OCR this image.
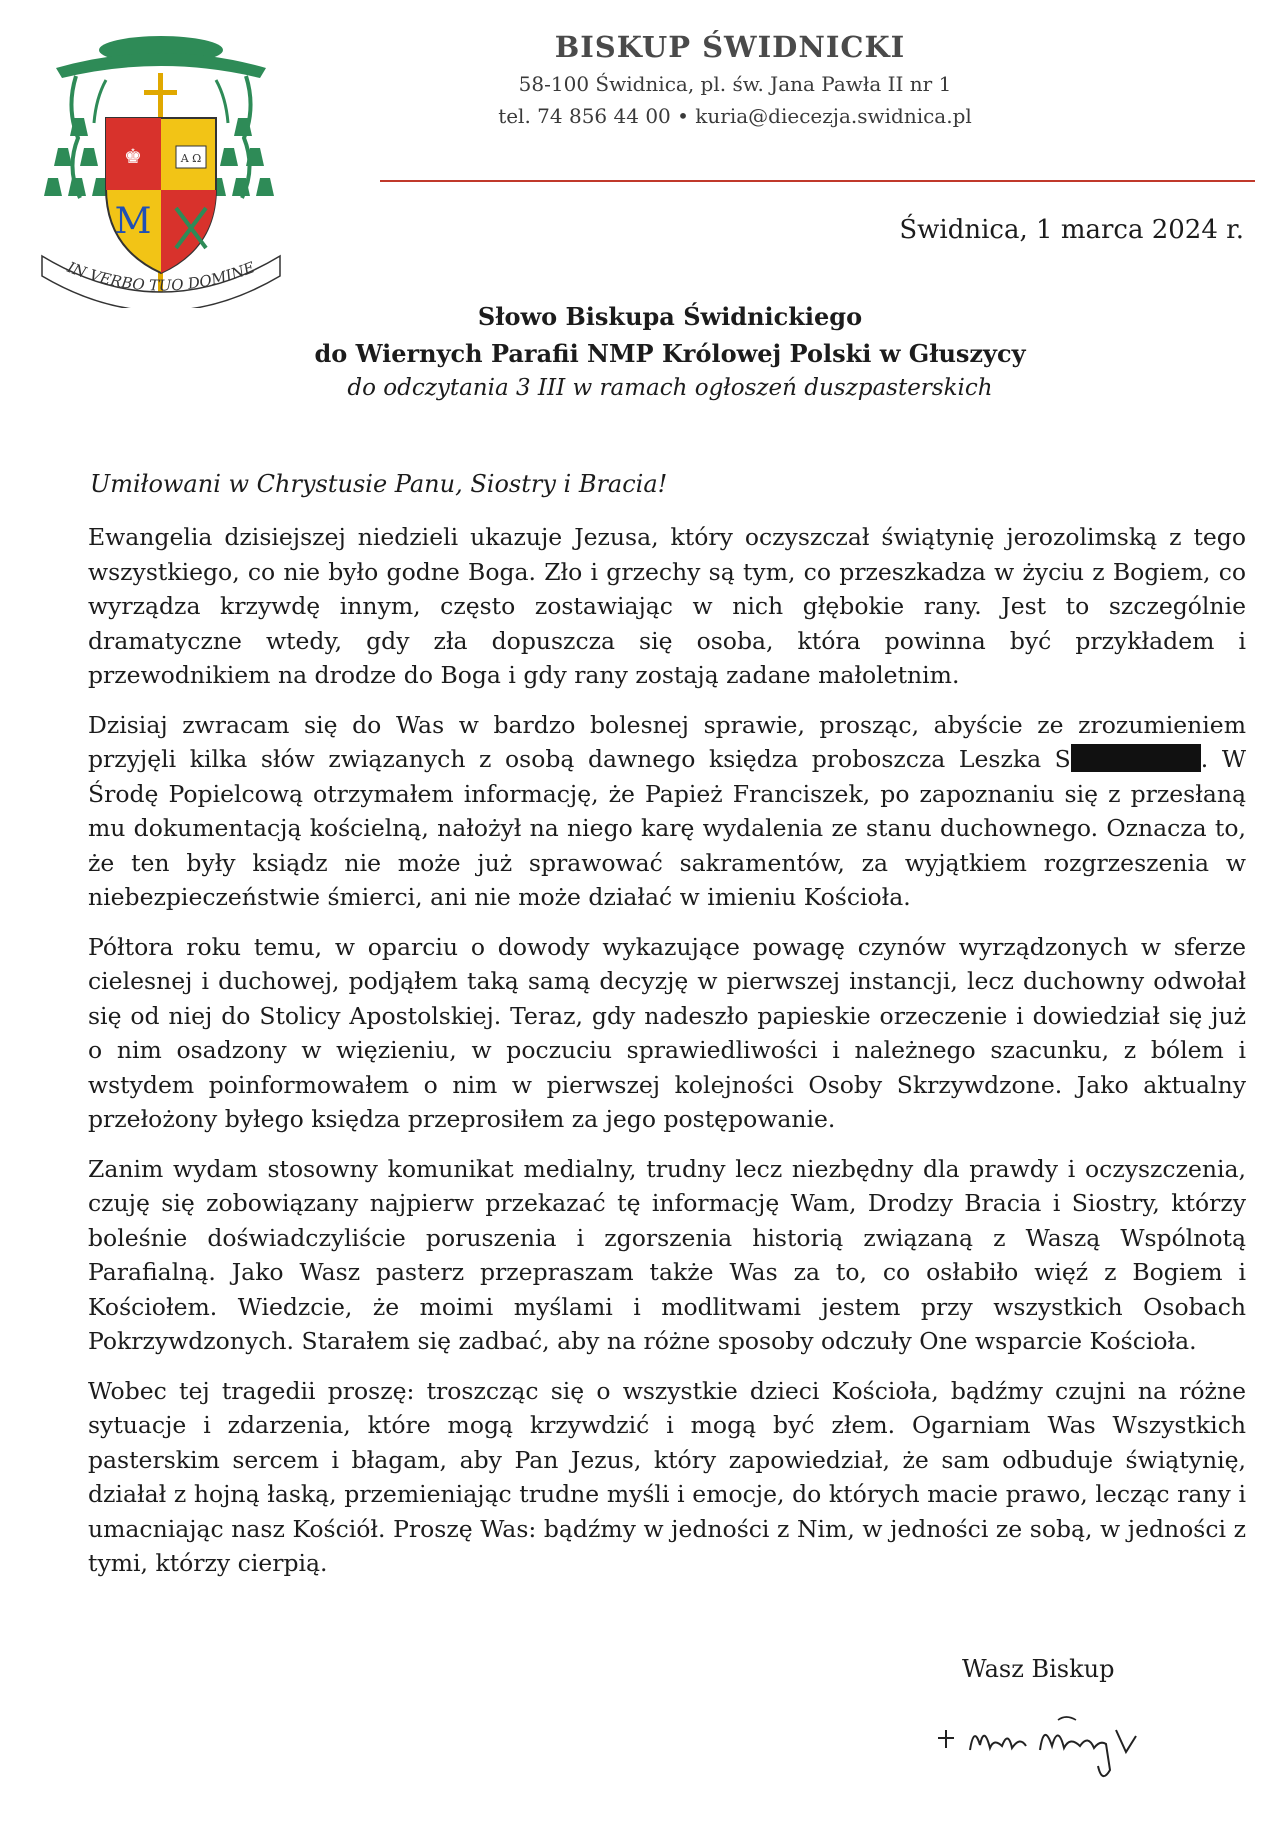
♚	A Ω
M
IN VERBO TUO DOMINE
BISKUP ŚWIDNICKI
58-100 Świdnica, pl. św. Jana Pawła II nr 1
tel. 74 856 44 00 • kuria@diecezja.swidnica.pl
Świdnica, 1 marca 2024 r.
Słowo Biskupa Świdnickiego
do Wiernych Parafii NMP Królowej Polski w Głuszycy
do odczytania 3 III w ramach ogłoszeń duszpasterskich
Umiłowani w Chrystusie Panu, Siostry i Bracia!

Ewangelia dzisiejszej niedzieli ukazuje Jezusa, który oczyszczał świątynię jerozolimską z tego wszystkiego, co nie było godne Boga. Zło i grzechy są tym, co przeszkadza w życiu z Bogiem, co wyrządza krzywdę innym, często zostawiając w nich głębokie rany. Jest to szczególnie dramatyczne wtedy, gdy zła dopuszcza się osoba, która powinna być przykładem i przewodnikiem na drodze do Boga i gdy rany zostają zadane małoletnim.

Dzisiaj zwracam się do Was w bardzo bolesnej sprawie, prosząc, abyście ze zrozumieniem przyjęli kilka słów związanych z osobą dawnego księdza proboszcza Leszka S	. W Środę Popielcową otrzymałem informację, że Papież Franciszek, po zapoznaniu się z przesłaną mu dokumentacją kościelną, nałożył na niego karę wydalenia ze stanu duchownego. Oznacza to, że ten były ksiądz nie może już sprawować sakramentów, za wyjątkiem rozgrzeszenia w niebezpieczeństwie śmierci, ani nie może działać w imieniu Kościoła.

Półtora roku temu, w oparciu o dowody wykazujące powagę czynów wyrządzonych w sferze cielesnej i duchowej, podjąłem taką samą decyzję w pierwszej instancji, lecz duchowny odwołał się od niej do Stolicy Apostolskiej. Teraz, gdy nadeszło papieskie orzeczenie i dowiedział się już o nim osadzony w więzieniu, w poczuciu sprawiedliwości i należnego szacunku, z bólem i wstydem poinformowałem o nim w pierwszej kolejności Osoby Skrzywdzone. Jako aktualny przełożony byłego księdza przeprosiłem za jego postępowanie.

Zanim wydam stosowny komunikat medialny, trudny lecz niezbędny dla prawdy i oczyszczenia, czuję się zobowiązany najpierw przekazać tę informację Wam, Drodzy Bracia i Siostry, którzy boleśnie doświadczyliście poruszenia i zgorszenia historią związaną z Waszą Wspólnotą Parafialną. Jako Wasz pasterz przepraszam także Was za to, co osłabiło więź z Bogiem i Kościołem. Wiedzcie, że moimi myślami i modlitwami jestem przy wszystkich Osobach Pokrzywdzonych. Starałem się zadbać, aby na różne sposoby odczuły One wsparcie Kościoła.

Wobec tej tragedii proszę: troszcząc się o wszystkie dzieci Kościoła, bądźmy czujni na różne sytuacje i zdarzenia, które mogą krzywdzić i mogą być złem. Ogarniam Was Wszystkich pasterskim sercem i błagam, aby Pan Jezus, który zapowiedział, że sam odbuduje świątynię, działał z hojną łaską, przemieniając trudne myśli i emocje, do których macie prawo, lecząc rany i umacniając nasz Kościół. Proszę Was: bądźmy w jedności z Nim, w jedności ze sobą, w jedności z tymi, którzy cierpią.

Wasz Biskup
